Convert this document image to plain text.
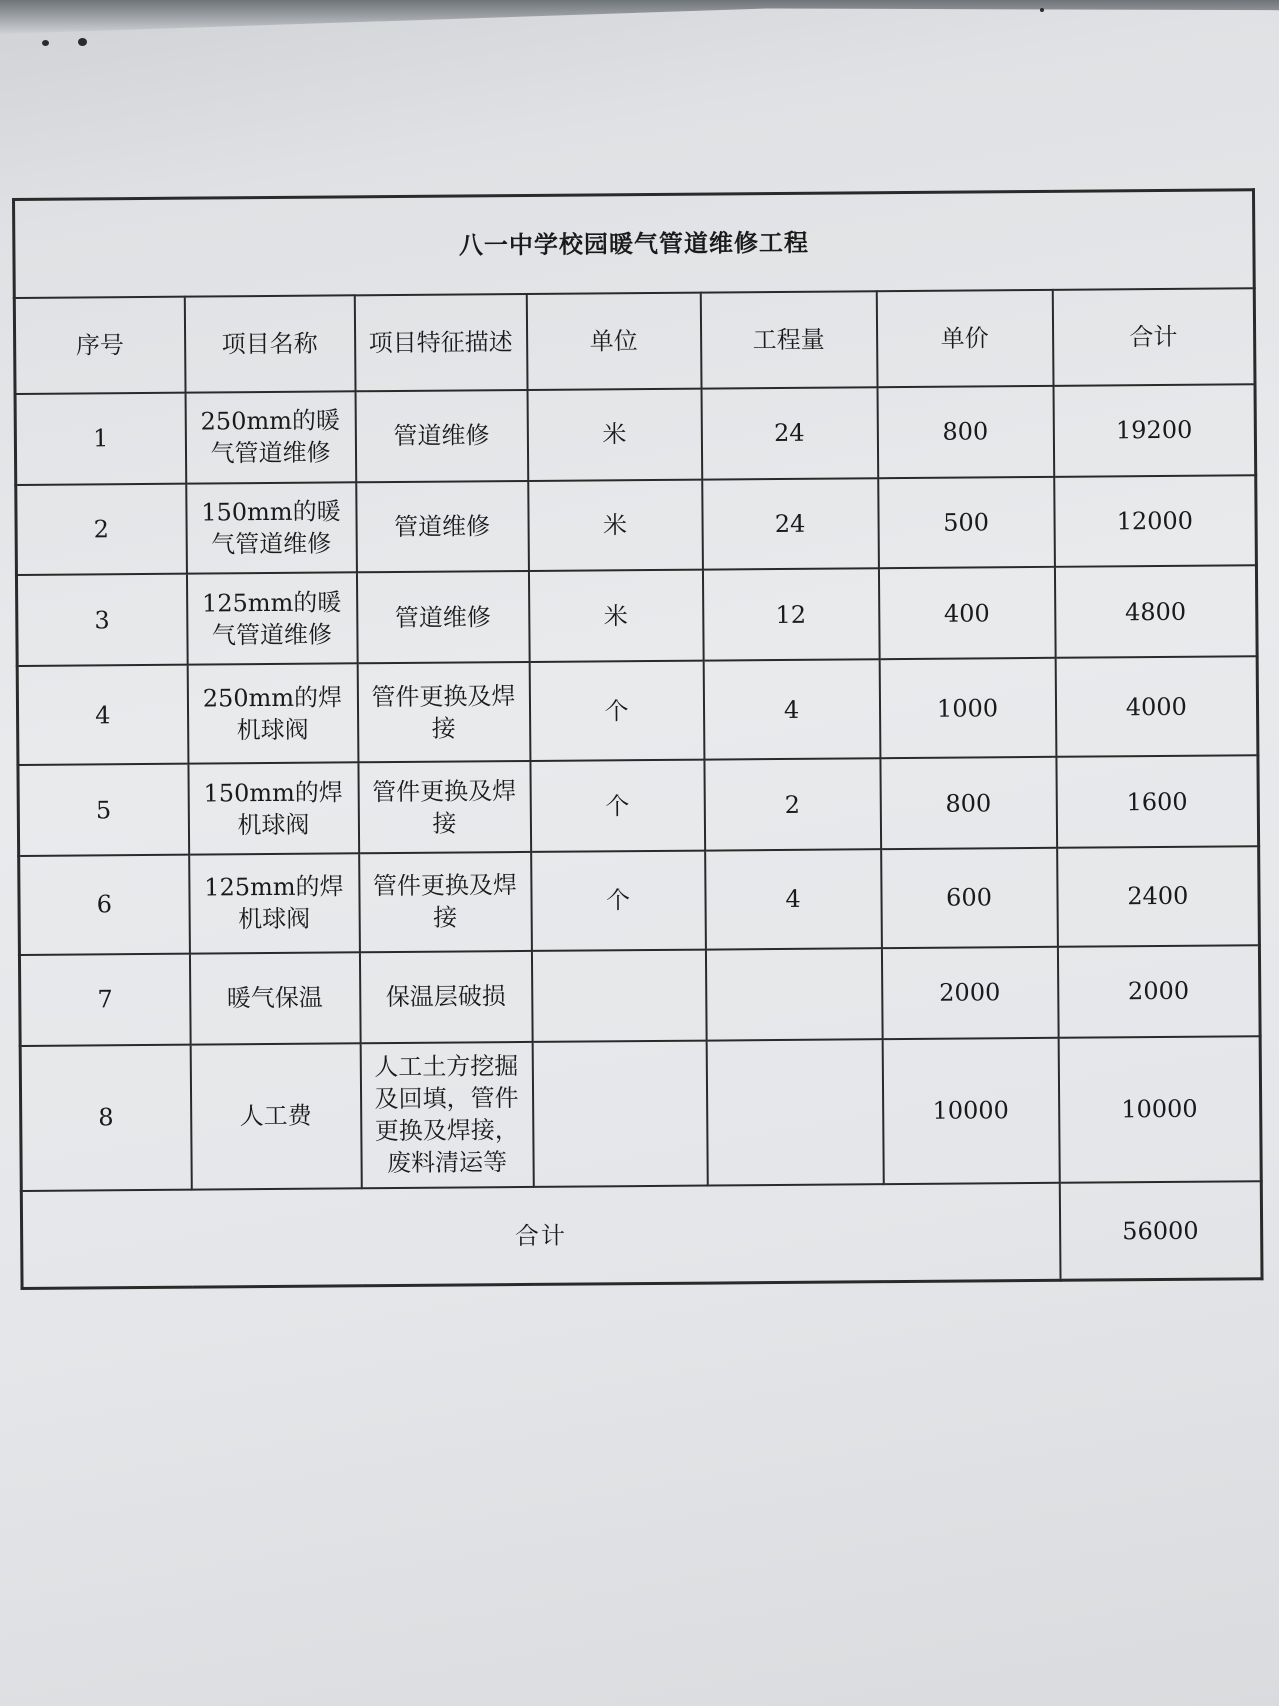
八一中学校园暖气管道维修工程						
序号	项目名称	项目特征描述	单位	工程量	单价	合计
1	250mm的暖气管道维修	管道维修	米	24	800	19200
2	150mm的暖气管道维修	管道维修	米	24	500	12000
3	125mm的暖气管道维修	管道维修	米	12	400	4800
4	250mm的焊机球阀	管件更换及焊接	个	4	1000	4000
5	150mm的焊机球阀	管件更换及焊接	个	2	800	1600
6	125mm的焊机球阀	管件更换及焊接	个	4	600	2400
7	暖气保温	保温层破损			2000	2000
8	人工费	人工土方挖掘及回填，管件更换及焊接，废料清运等			10000	10000
合计						56000
